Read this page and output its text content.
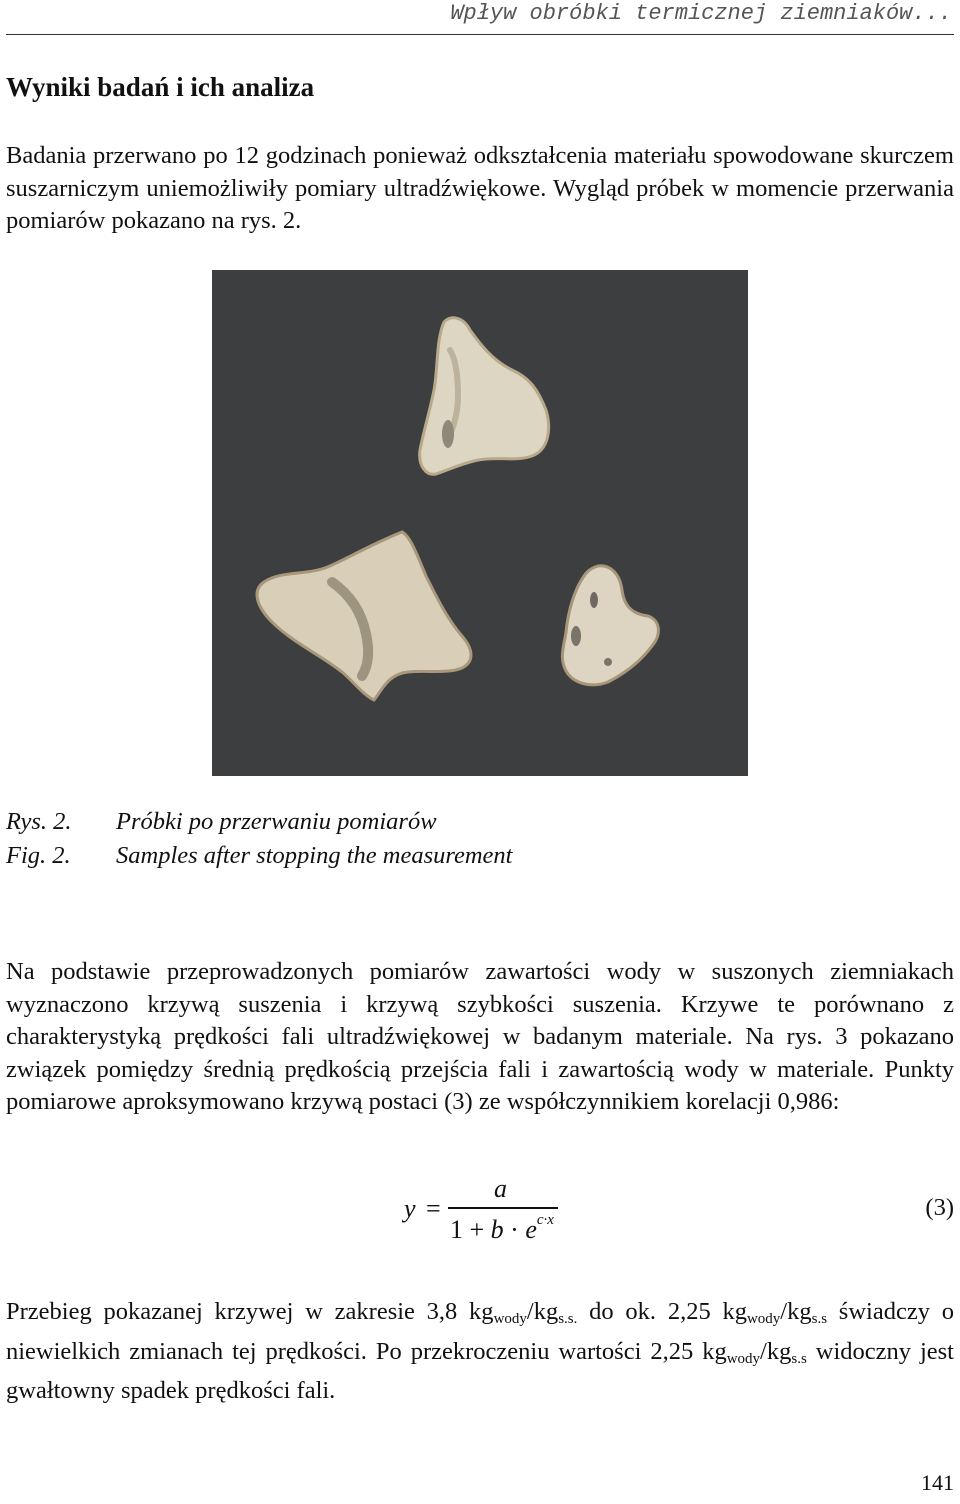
Wpływ obróbki termicznej ziemniaków...
Wyniki badań i ich analiza

Badania przerwano po 12 godzinach ponieważ odkształcenia materiału spowodowane skurczem suszarniczym uniemożliwiły pomiary ultradźwiękowe. Wygląd próbek w momencie przerwania pomiarów pokazano na rys. 2.

Rys. 2. Próbki po przerwaniu pomiarów
Fig. 2. Samples after stopping the measurement

Na podstawie przeprowadzonych pomiarów zawartości wody w suszonych ziemniakach wyznaczono krzywą suszenia i krzywą szybkości suszenia. Krzywe te porównano z charakterystyką prędkości fali ultradźwiękowej w badanym materiale. Na rys. 3 pokazano związek pomiędzy średnią prędkością przejścia fali i zawartością wody w materiale. Punkty pomiarowe aproksymowano krzywą postaci (3) ze współczynnikiem korelacji 0,986:

y =
a
$1 + b \cdot e^{c\cdot x}$	(3)

Przebieg pokazanej krzywej w zakresie 3,8 $kg_{wody}/kg_{s.s.}$ do ok. 2,25 $kg_{wody}/kg_{s.s}$ świadczy o niewielkich zmianach tej prędkości. Po przekroczeniu wartości 2,25 $kg_{wody}/kg_{s.s}$ widoczny jest gwałtowny spadek prędkości fali.

141
